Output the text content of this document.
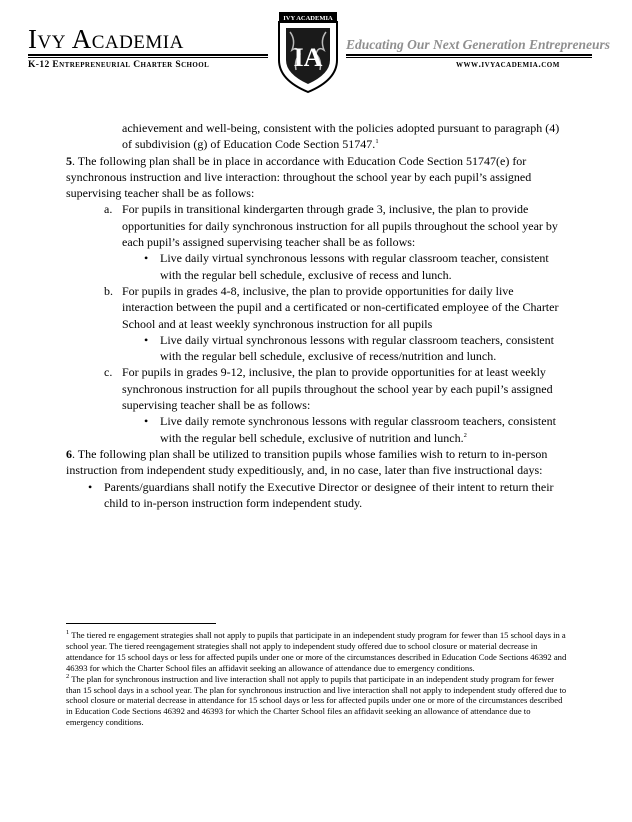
Ivy Academia
K-12 Entrepreneurial Charter School
IVY ACADEMIA
IA Educating Our Next Generation Entrepreneurs
www.ivyacademia.com

achievement and well-being, consistent with the policies adopted pursuant to paragraph (4) of subdivision (g) of Education Code Section 51747.$^1$

5. The following plan shall be in place in accordance with Education Code Section 51747(e) for synchronous instruction and live interaction: throughout the school year by each pupil’s assigned supervising teacher shall be as follows:

a. For pupils in transitional kindergarten through grade 3, inclusive, the plan to provide opportunities for daily synchronous instruction for all pupils throughout the school year by each pupil’s assigned supervising teacher shall be as follows:

• Live daily virtual synchronous lessons with regular classroom teacher, consistent with the regular bell schedule, exclusive of recess and lunch.

b. For pupils in grades 4-8, inclusive, the plan to provide opportunities for daily live interaction between the pupil and a certificated or non-certificated employee of the Charter School and at least weekly synchronous instruction for all pupils

• Live daily virtual synchronous lessons with regular classroom teachers, consistent with the regular bell schedule, exclusive of recess/nutrition and lunch.

c. For pupils in grades 9-12, inclusive, the plan to provide opportunities for at least weekly synchronous instruction for all pupils throughout the school year by each pupil’s assigned supervising teacher shall be as follows:

• Live daily remote synchronous lessons with regular classroom teachers, consistent with the regular bell schedule, exclusive of nutrition and lunch.$^2$

6. The following plan shall be utilized to transition pupils whose families wish to return to in-person instruction from independent study expeditiously, and, in no case, later than five instructional days:

• Parents/guardians shall notify the Executive Director or designee of their intent to return their child to in-person instruction form independent study.

$^1$ The tiered re engagement strategies shall not apply to pupils that participate in an independent study program for fewer than 15 school days in a school year. The tiered reengagement strategies shall not apply to independent study offered due to school closure or material decrease in attendance for 15 school days or less for affected pupils under one or more of the circumstances described in Education Code Sections 46392 and 46393 for which the Charter School files an affidavit seeking an allowance of attendance due to emergency conditions.

$^2$ The plan for synchronous instruction and live interaction shall not apply to pupils that participate in an independent study program for fewer than 15 school days in a school year. The plan for synchronous instruction and live interaction shall not apply to independent study offered due to school closure or material decrease in attendance for 15 school days or less for affected pupils under one or more of the circumstances described in Education Code Sections 46392 and 46393 for which the Charter School files an affidavit seeking an allowance of attendance due to emergency conditions.
